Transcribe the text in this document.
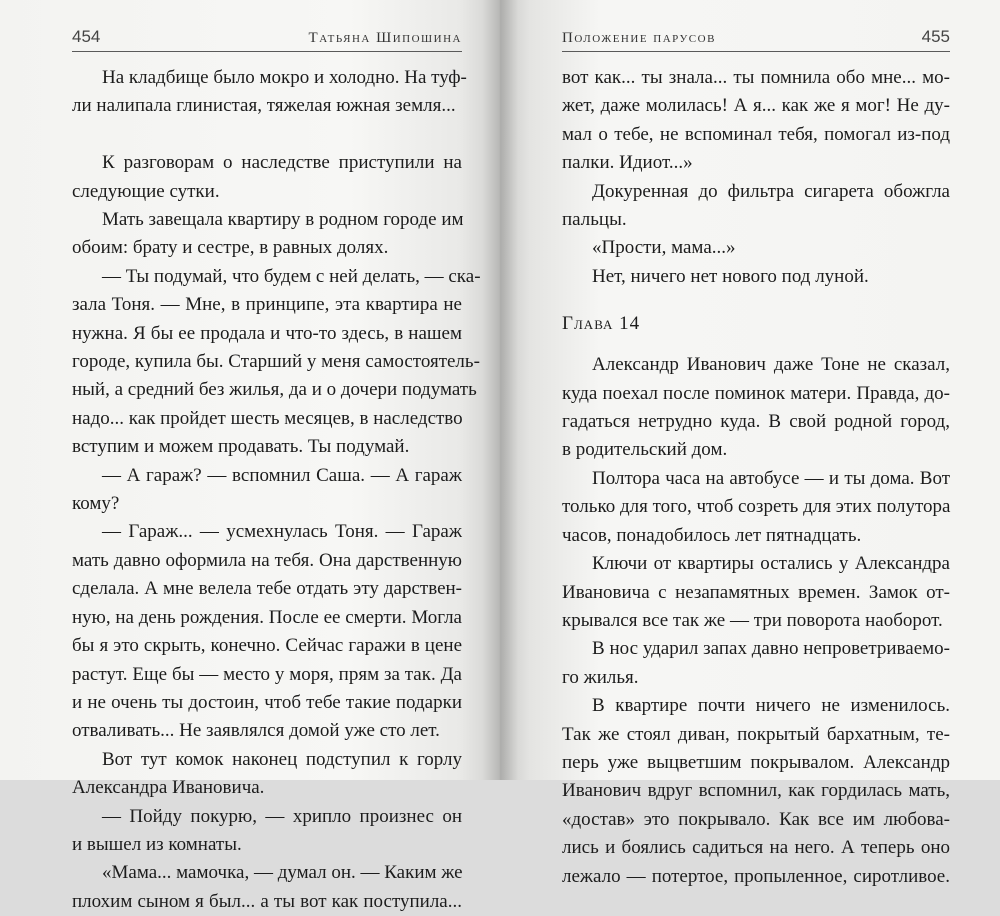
454	Татьяна Шипошина
На кладбище было мокро и холодно. На туф-
ли налипала глинистая, тяжелая южная земля...
К разговорам о наследстве приступили на
следующие сутки.
Мать завещала квартиру в родном городе им
обоим: брату и сестре, в равных долях.
— Ты подумай, что будем с ней делать, — ска-
зала Тоня. — Мне, в принципе, эта квартира не
нужна. Я бы ее продала и что-то здесь, в нашем
городе, купила бы. Старший у меня самостоятель-
ный, а средний без жилья, да и о дочери подумать
надо... как пройдет шесть месяцев, в наследство
вступим и можем продавать. Ты подумай.
— А гараж? — вспомнил Саша. — А гараж
кому?
— Гараж... — усмехнулась Тоня. — Гараж
мать давно оформила на тебя. Она дарственную
сделала. А мне велела тебе отдать эту дарствен-
ную, на день рождения. После ее смерти. Могла
бы я это скрыть, конечно. Сейчас гаражи в цене
растут. Еще бы — место у моря, прям за так. Да
и не очень ты достоин, чтоб тебе такие подарки
отваливать... Не заявлялся домой уже сто лет.
Вот тут комок наконец подступил к горлу
Александра Ивановича.
— Пойду покурю, — хрипло произнес он
и вышел из комнаты.
«Мама... мамочка, — думал он. — Каким же
плохим сыном я был... а ты вот как поступила...
Положение парусов	455
вот как... ты знала... ты помнила обо мне... мо-
жет, даже молилась! А я... как же я мог! Не ду-
мал о тебе, не вспоминал тебя, помогал из-под
палки. Идиот...»
Докуренная до фильтра сигарета обожгла
пальцы.
«Прости, мама...»
Нет, ничего нет нового под луной.
Глава 14
Александр Иванович даже Тоне не сказал,
куда поехал после поминок матери. Правда, до-
гадаться нетрудно куда. В свой родной город,
в родительский дом.
Полтора часа на автобусе — и ты дома. Вот
только для того, чтоб созреть для этих полутора
часов, понадобилось лет пятнадцать.
Ключи от квартиры остались у Александра
Ивановича с незапамятных времен. Замок от-
крывался все так же — три поворота наоборот.
В нос ударил запах давно непроветриваемо-
го жилья.
В квартире почти ничего не изменилось.
Так же стоял диван, покрытый бархатным, те-
перь уже выцветшим покрывалом. Александр
Иванович вдруг вспомнил, как гордилась мать,
«достав» это покрывало. Как все им любова-
лись и боялись садиться на него. А теперь оно
лежало — потертое, пропыленное, сиротливое.
